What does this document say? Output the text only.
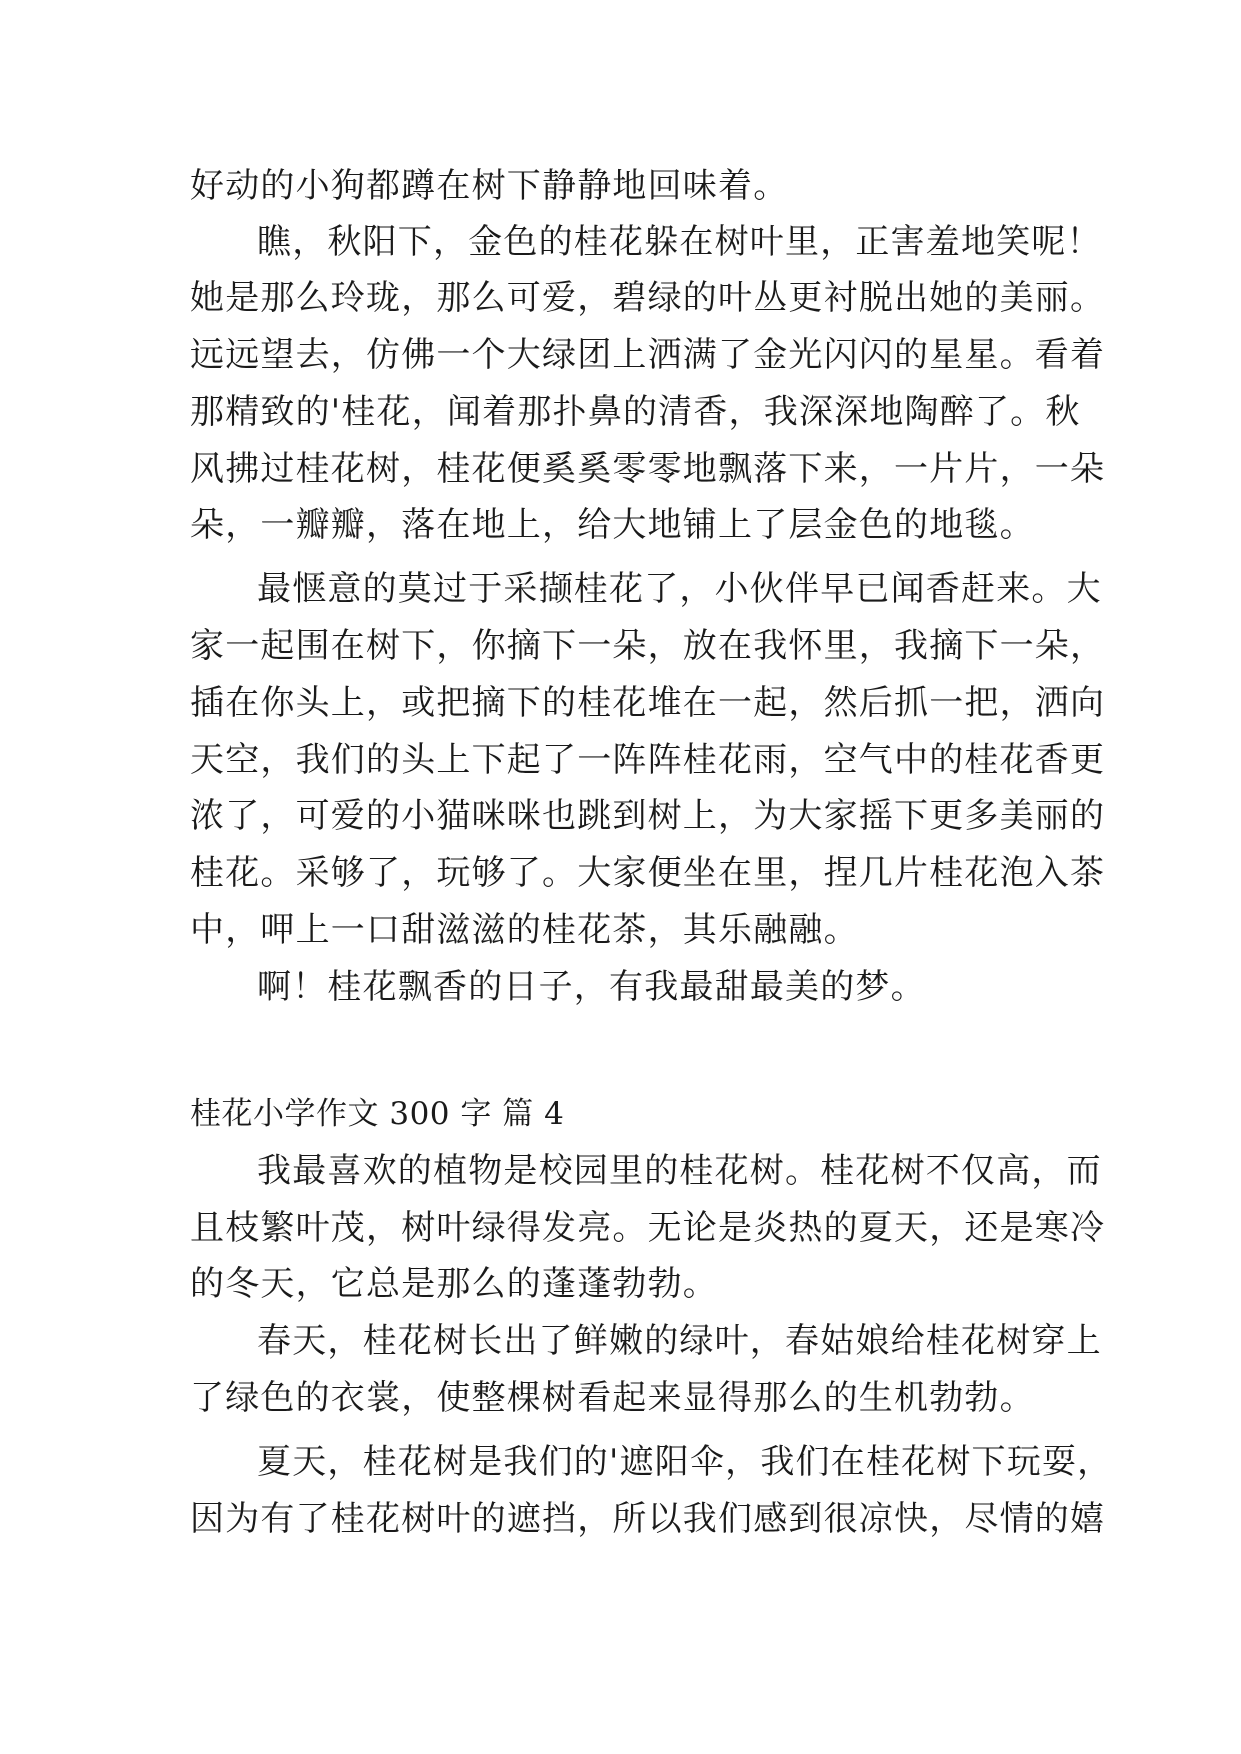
好动的小狗都蹲在树下静静地回味着。
瞧，秋阳下，金色的桂花躲在树叶里，正害羞地笑呢！
她是那么玲珑，那么可爱，碧绿的叶丛更衬脱出她的美丽。
远远望去，仿佛一个大绿团上洒满了金光闪闪的星星。看着
那精致的'桂花，闻着那扑鼻的清香，我深深地陶醉了。秋
风拂过桂花树，桂花便奚奚零零地飘落下来，一片片，一朵
朵，一瓣瓣，落在地上，给大地铺上了层金色的地毯。
最惬意的莫过于采撷桂花了，小伙伴早已闻香赶来。大
家一起围在树下，你摘下一朵，放在我怀里，我摘下一朵，
插在你头上，或把摘下的桂花堆在一起，然后抓一把，洒向
天空，我们的头上下起了一阵阵桂花雨，空气中的桂花香更
浓了，可爱的小猫咪咪也跳到树上，为大家摇下更多美丽的
桂花。采够了，玩够了。大家便坐在里，捏几片桂花泡入茶
中，呷上一口甜滋滋的桂花茶，其乐融融。
啊！桂花飘香的日子，有我最甜最美的梦。
桂花小学作文 300 字 篇 4
我最喜欢的植物是校园里的桂花树。桂花树不仅高，而
且枝繁叶茂，树叶绿得发亮。无论是炎热的夏天，还是寒冷
的冬天，它总是那么的蓬蓬勃勃。
春天，桂花树长出了鲜嫩的绿叶，春姑娘给桂花树穿上
了绿色的衣裳，使整棵树看起来显得那么的生机勃勃。
夏天，桂花树是我们的'遮阳伞，我们在桂花树下玩耍，
因为有了桂花树叶的遮挡，所以我们感到很凉快，尽情的嬉
